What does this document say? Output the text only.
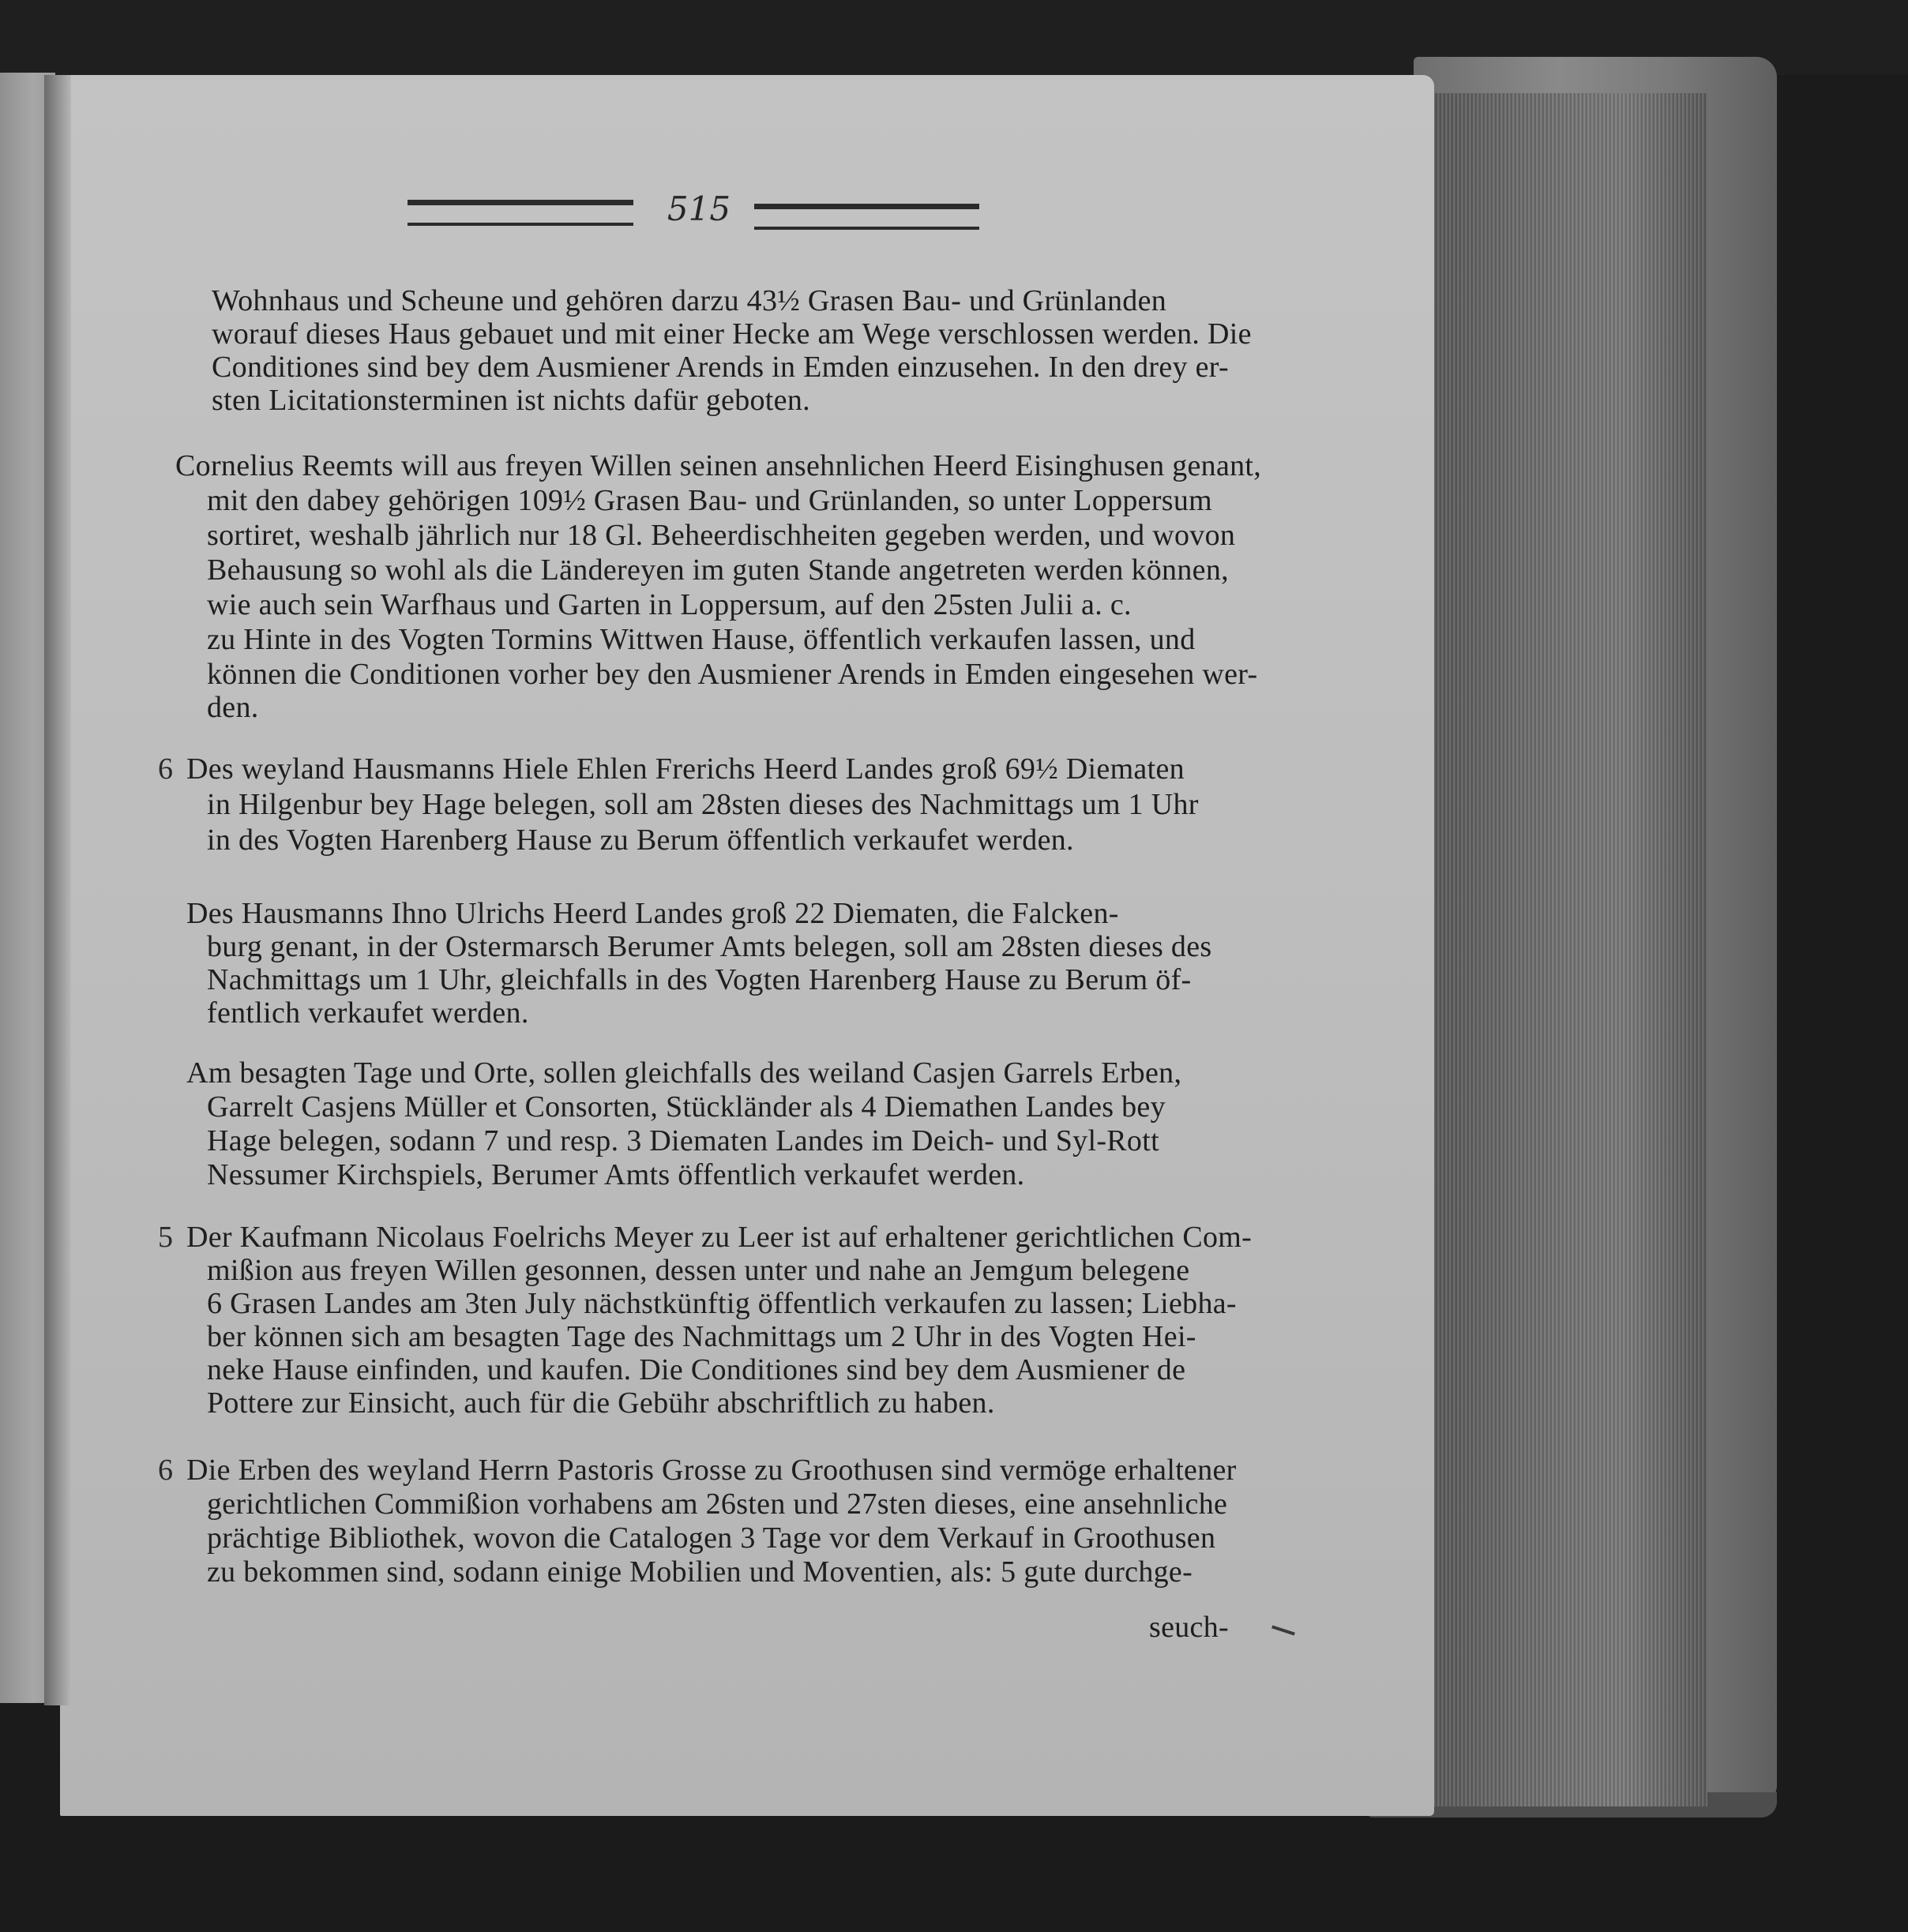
515
Wohnhaus und Scheune und gehören darzu 43½ Grasen Bau- und Grünlanden
worauf dieses Haus gebauet und mit einer Hecke am Wege verschlossen werden. Die
Conditiones sind bey dem Ausmiener Arends in Emden einzusehen. In den drey er-
sten Licitationsterminen ist nichts dafür geboten.
Cornelius Reemts will aus freyen Willen seinen ansehnlichen Heerd Eisinghusen genant,
mit den dabey gehörigen 109½ Grasen Bau- und Grünlanden, so unter Loppersum
sortiret, weshalb jährlich nur 18 Gl. Beheerdischheiten gegeben werden, und wovon
Behausung so wohl als die Ländereyen im guten Stande angetreten werden können,
wie auch sein Warfhaus und Garten in Loppersum, auf den 25sten Julii a. c.
zu Hinte in des Vogten Tormins Wittwen Hause, öffentlich verkaufen lassen, und
können die Conditionen vorher bey den Ausmiener Arends in Emden eingesehen wer-
den.
6 Des weyland Hausmanns Hiele Ehlen Frerichs Heerd Landes groß 69½ Diematen
in Hilgenbur bey Hage belegen, soll am 28sten dieses des Nachmittags um 1 Uhr
in des Vogten Harenberg Hause zu Berum öffentlich verkaufet werden.
Des Hausmanns Ihno Ulrichs Heerd Landes groß 22 Diematen, die Falcken-
burg genant, in der Ostermarsch Berumer Amts belegen, soll am 28sten dieses des
Nachmittags um 1 Uhr, gleichfalls in des Vogten Harenberg Hause zu Berum öf-
fentlich verkaufet werden.
Am besagten Tage und Orte, sollen gleichfalls des weiland Casjen Garrels Erben,
Garrelt Casjens Müller et Consorten, Stückländer als 4 Diemathen Landes bey
Hage belegen, sodann 7 und resp. 3 Diematen Landes im Deich- und Syl-Rott
Nessumer Kirchspiels, Berumer Amts öffentlich verkaufet werden.
5 Der Kaufmann Nicolaus Foelrichs Meyer zu Leer ist auf erhaltener gerichtlichen Com-
mißion aus freyen Willen gesonnen, dessen unter und nahe an Jemgum belegene
6 Grasen Landes am 3ten July nächstkünftig öffentlich verkaufen zu lassen; Liebha-
ber können sich am besagten Tage des Nachmittags um 2 Uhr in des Vogten Hei-
neke Hause einfinden, und kaufen. Die Conditiones sind bey dem Ausmiener de
Pottere zur Einsicht, auch für die Gebühr abschriftlich zu haben.
6 Die Erben des weyland Herrn Pastoris Grosse zu Groothusen sind vermöge erhaltener
gerichtlichen Commißion vorhabens am 26sten und 27sten dieses, eine ansehnliche
prächtige Bibliothek, wovon die Catalogen 3 Tage vor dem Verkauf in Groothusen
zu bekommen sind, sodann einige Mobilien und Moventien, als: 5 gute durchge-
seuch-
